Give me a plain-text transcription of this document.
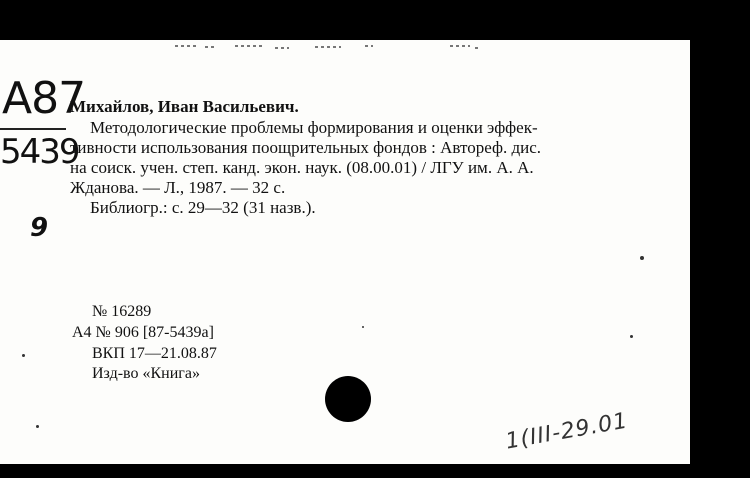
А87
5439
9
Михайлов, Иван Васильевич.
Методологические проблемы формирования и оценки эффек-
тивности использования поощрительных фондов : Автореф. дис.
на соиск. учен. степ. канд. экон. наук. (08.00.01) / ЛГУ им. А. А.
Жданова. — Л., 1987. — 32 с.
Библиогр.: с. 29—32 (31 назв.).
№ 16289
А4 № 906 [87-5439а]
ВКП 17—21.08.87
Изд-во «Книга»
1(III-29.01
